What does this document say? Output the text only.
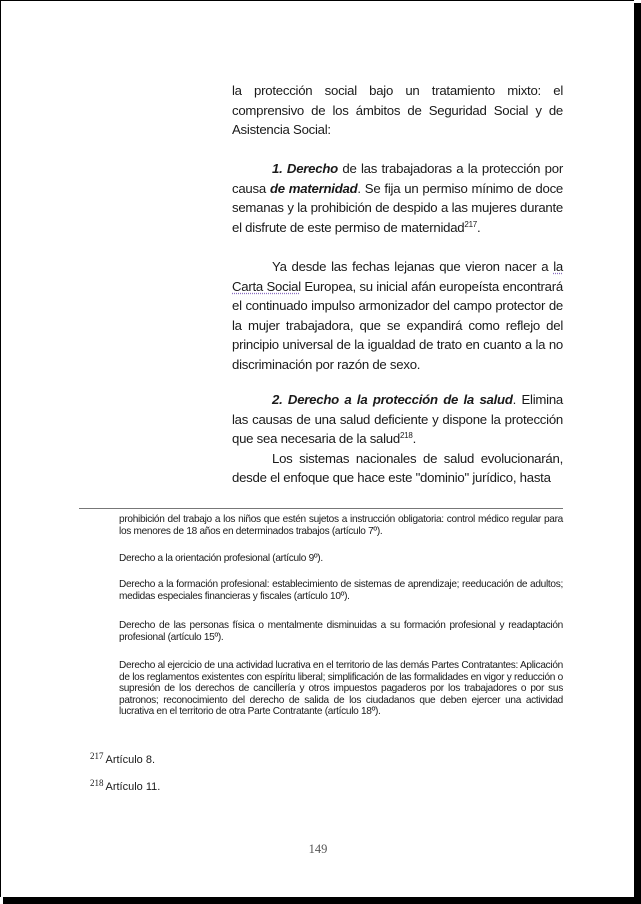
la protección social bajo un tratamiento mixto: el comprensivo de los ámbitos de Seguridad Social y de Asistencia Social:

1. Derecho de las trabajadoras a la protección por causa de maternidad. Se fija un permiso mínimo de doce semanas y la prohibición de despido a las mujeres durante el disfrute de este permiso de maternidad$^{217}$.

Ya desde las fechas lejanas que vieron nacer a la Carta Social Europea, su inicial afán europeísta encontrará el continuado impulso armonizador del campo protector de la mujer trabajadora, que se expandirá como reflejo del principio universal de la igualdad de trato en cuanto a la no discriminación por razón de sexo.

2. Derecho a la protección de la salud. Elimina las causas de una salud deficiente y dispone la protección que sea necesaria de la salud$^{218}$.

Los sistemas nacionales de salud evolucionarán, desde el enfoque que hace este "dominio" jurídico, hasta

prohibición del trabajo a los niños que estén sujetos a instrucción obligatoria: control médico regular para los menores de 18 años en determinados trabajos (artículo 7º).

Derecho a la orientación profesional (artículo 9º).

Derecho a la formación profesional: establecimiento de sistemas de aprendizaje; reeducación de adultos; medidas especiales financieras y fiscales (artículo 10º).

Derecho de las personas física o mentalmente disminuidas a su formación profesional y readaptación profesional (artículo 15º).

Derecho al ejercicio de una actividad lucrativa en el territorio de las demás Partes Contratantes: Aplicación de los reglamentos existentes con espíritu liberal; simplificación de las formalidades en vigor y reducción o supresión de los derechos de cancillería y otros impuestos pagaderos por los trabajadores o por sus patronos; reconocimiento del derecho de salida de los ciudadanos que deben ejercer una actividad lucrativa en el territorio de otra Parte Contratante (artículo 18º).

$^{217}$ Artículo 8.
$^{218}$ Artículo 11.
149
